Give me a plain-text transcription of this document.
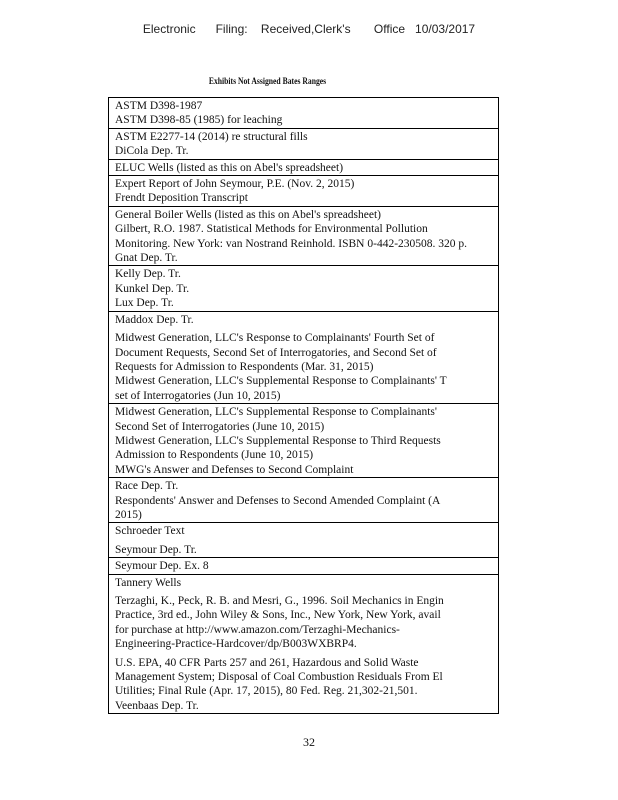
Electronic      Filing:    Received,Clerk's       Office   10/03/2017
Exhibits Not Assigned Bates Ranges
ASTM D398-1987
ASTM D398-85 (1985) for leaching
ASTM E2277-14 (2014) re structural fills
DiCola Dep. Tr.
ELUC Wells (listed as this on Abel's spreadsheet)
Expert Report of John Seymour, P.E. (Nov. 2, 2015)
Frendt Deposition Transcript
General Boiler Wells (listed as this on Abel's spreadsheet)
Gilbert, R.O. 1987. Statistical Methods for Environmental Pollution
Monitoring. New York: van Nostrand Reinhold. ISBN 0-442-230508. 320 p.
Gnat Dep. Tr.
Kelly Dep. Tr.
Kunkel Dep. Tr.
Lux Dep. Tr.
Maddox Dep. Tr.
Midwest Generation, LLC's Response to Complainants' Fourth Set of
Document Requests, Second Set of Interrogatories, and Second Set of
Requests for Admission to Respondents (Mar. 31, 2015)
Midwest Generation, LLC's Supplemental Response to Complainants' T
set of Interrogatories (Jun 10, 2015)
Midwest Generation, LLC's Supplemental Response to Complainants'
Second Set of Interrogatories (June 10, 2015)
Midwest Generation, LLC's Supplemental Response to Third Requests
Admission to Respondents (June 10, 2015)
MWG's Answer and Defenses to Second Complaint
Race Dep. Tr.
Respondents' Answer and Defenses to Second Amended Complaint (A
2015)
Schroeder Text
Seymour Dep. Tr.
Seymour Dep. Ex. 8
Tannery Wells
Terzaghi, K., Peck, R. B. and Mesri, G., 1996. Soil Mechanics in Engin
Practice, 3rd ed., John Wiley & Sons, Inc., New York, New York, avail
for purchase at http://www.amazon.com/Terzaghi-Mechanics-
Engineering-Practice-Hardcover/dp/B003WXBRP4.
U.S. EPA, 40 CFR Parts 257 and 261, Hazardous and Solid Waste
Management System; Disposal of Coal Combustion Residuals From El
Utilities; Final Rule (Apr. 17, 2015), 80 Fed. Reg. 21,302-21,501.
Veenbaas Dep. Tr.
32
